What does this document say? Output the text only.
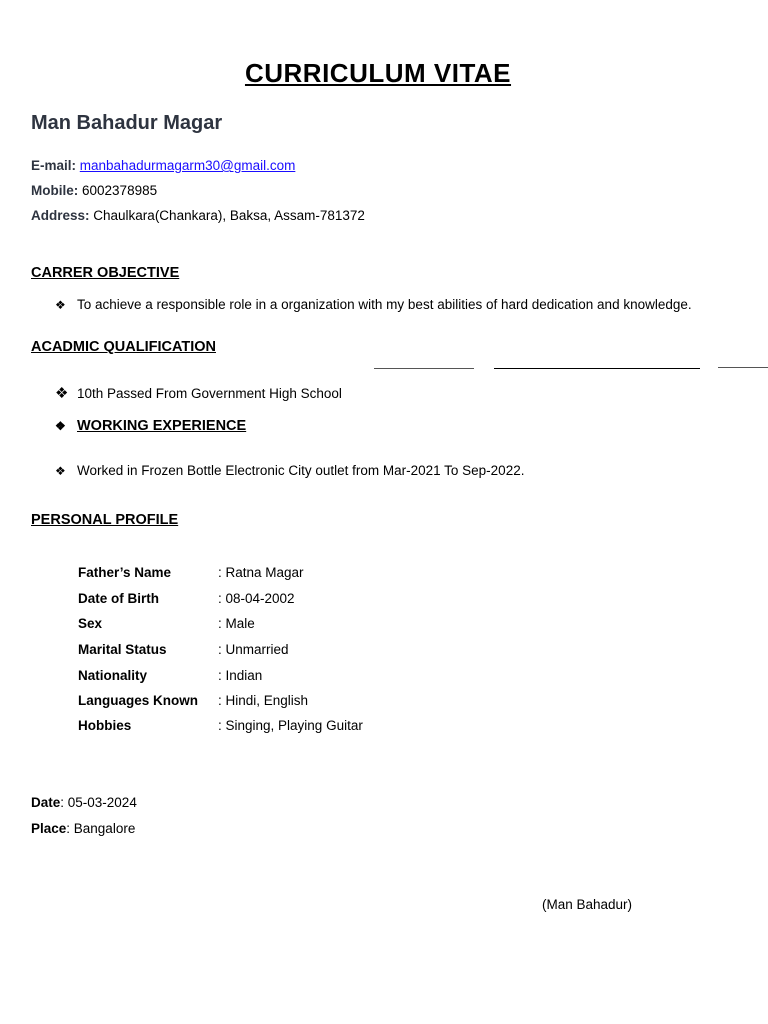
CURRICULUM VITAE
Man Bahadur Magar
E-mail: manbahadurmagarm30@gmail.com
Mobile: 6002378985
Address: Chaulkara(Chankara), Baksa, Assam-781372
CARRER OBJECTIVE
❖ To achieve a responsible role in a organization with my best abilities of hard dedication and knowledge.
ACADMIC QUALIFICATION
❖ 10th Passed From Government High School
❖ WORKING EXPERIENCE
❖ Worked in Frozen Bottle Electronic City outlet from Mar-2021 To Sep-2022.
PERSONAL PROFILE
Father’s Name	: Ratna Magar
Date of Birth	: 08-04-2002
Sex	: Male
Marital Status	: Unmarried
Nationality	: Indian
Languages Known : Hindi, English
Hobbies	: Singing, Playing Guitar
Date: 05-03-2024
Place: Bangalore
(Man Bahadur)
